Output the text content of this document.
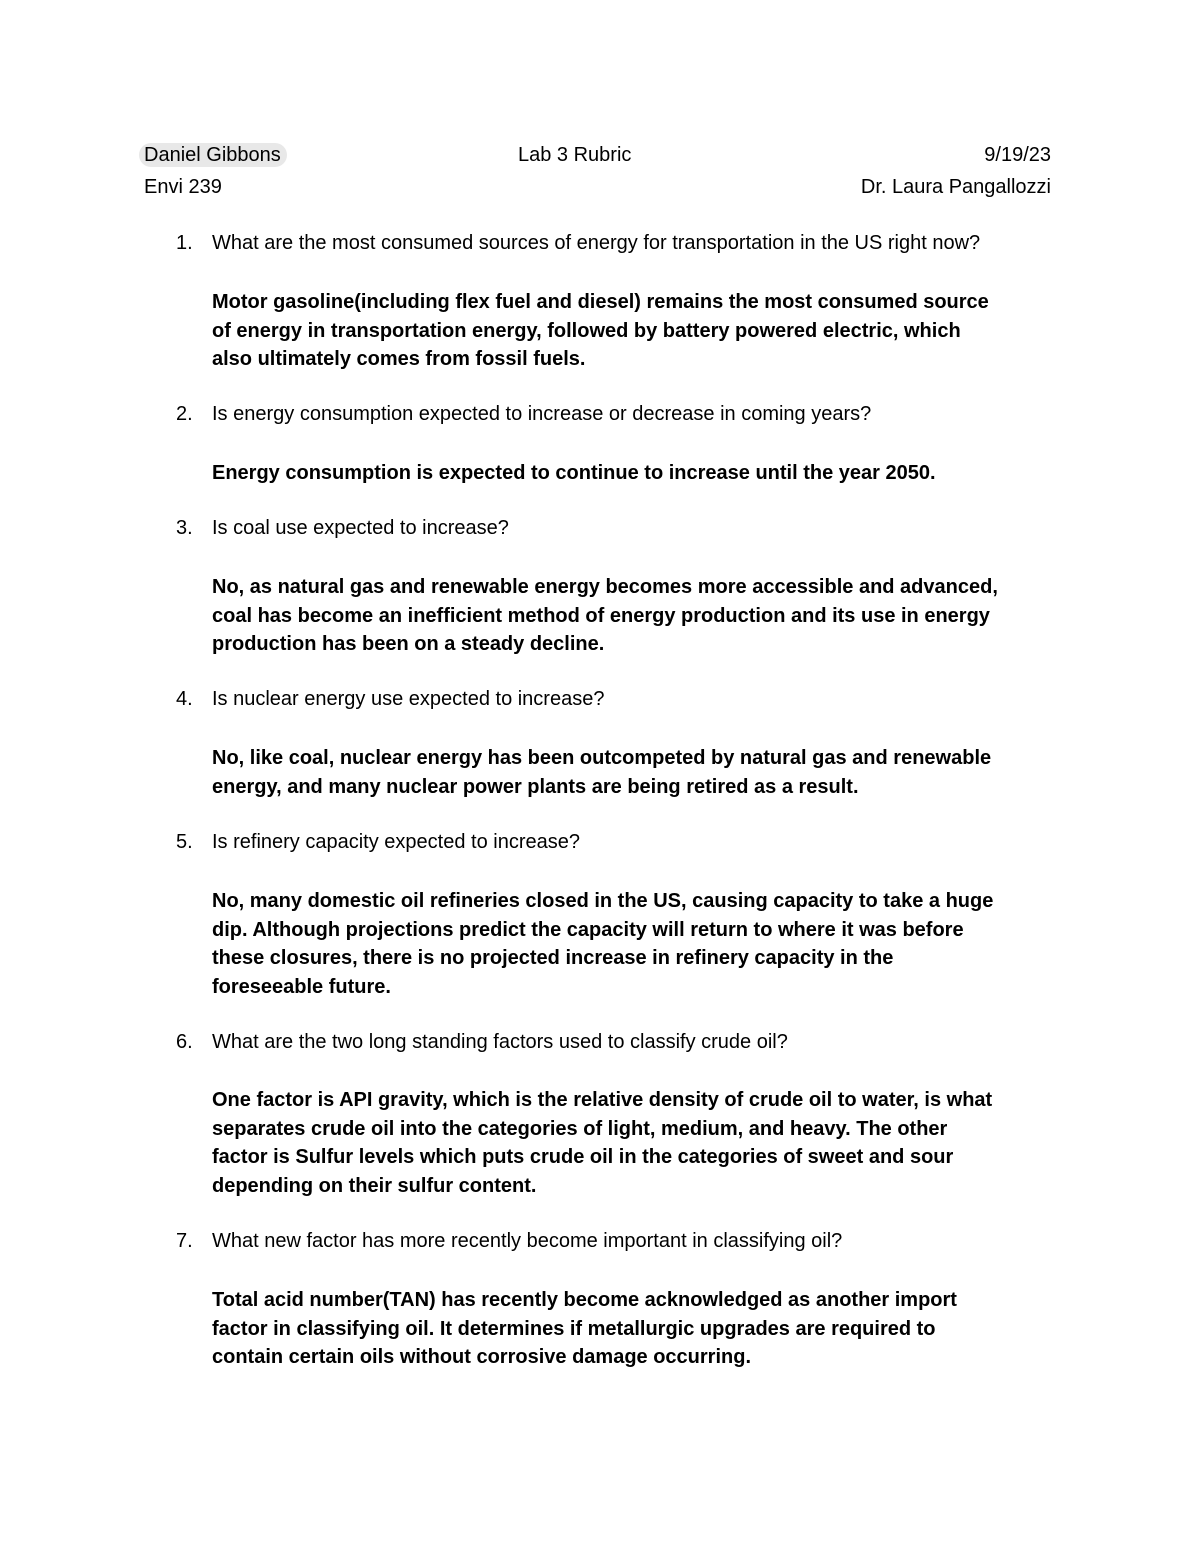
Daniel Gibbons	Lab 3 Rubric	9/19/23
Envi 239	Dr. Laura Pangallozzi
1. What are the most consumed sources of energy for transportation in the US right now?
Motor gasoline(including flex fuel and diesel) remains the most consumed source
of energy in transportation energy, followed by battery powered electric, which
also ultimately comes from fossil fuels.
2. Is energy consumption expected to increase or decrease in coming years?
Energy consumption is expected to continue to increase until the year 2050.
3. Is coal use expected to increase?
No, as natural gas and renewable energy becomes more accessible and advanced,
coal has become an inefficient method of energy production and its use in energy
production has been on a steady decline.
4. Is nuclear energy use expected to increase?
No, like coal, nuclear energy has been outcompeted by natural gas and renewable
energy, and many nuclear power plants are being retired as a result.
5. Is refinery capacity expected to increase?
No, many domestic oil refineries closed in the US, causing capacity to take a huge
dip. Although projections predict the capacity will return to where it was before
these closures, there is no projected increase in refinery capacity in the
foreseeable future.
6. What are the two long standing factors used to classify crude oil?
One factor is API gravity, which is the relative density of crude oil to water, is what
separates crude oil into the categories of light, medium, and heavy. The other
factor is Sulfur levels which puts crude oil in the categories of sweet and sour
depending on their sulfur content.
7. What new factor has more recently become important in classifying oil?
Total acid number(TAN) has recently become acknowledged as another import
factor in classifying oil. It determines if metallurgic upgrades are required to
contain certain oils without corrosive damage occurring.
